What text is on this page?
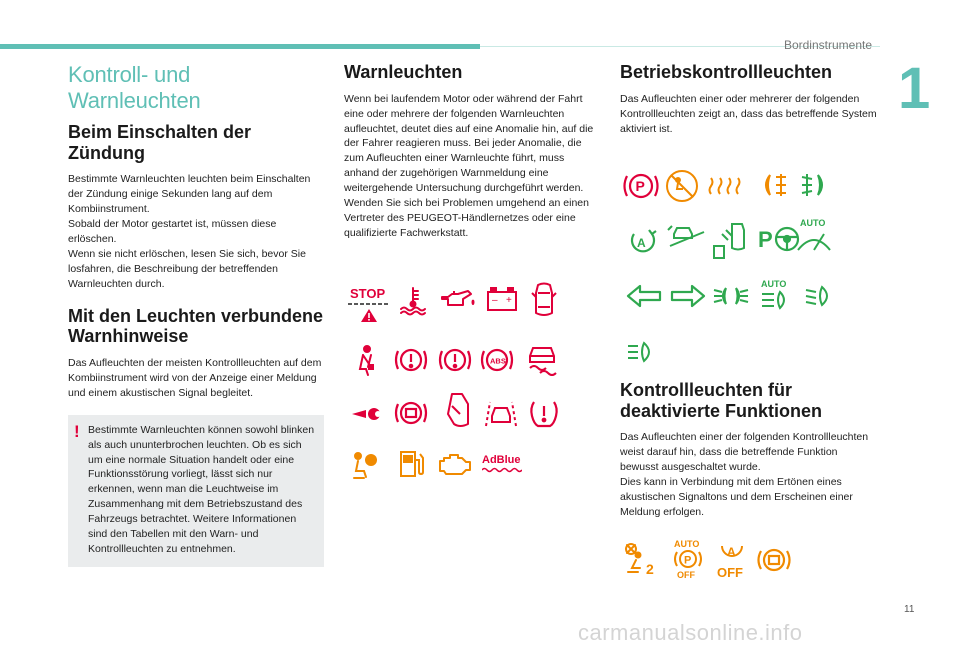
Bordinstrumente
1
11
carmanualsonline.info
Kontroll- und Warnleuchten
Beim Einschalten der Zündung

Bestimmte Warnleuchten leuchten beim Einschalten der Zündung einige Sekunden lang auf dem Kombiinstrument.
Sobald der Motor gestartet ist, müssen diese erlöschen.
Wenn sie nicht erlöschen, lesen Sie sich, bevor Sie losfahren, die Beschreibung der betreffenden Warnleuchten durch.

Mit den Leuchten verbundene Warnhinweise

Das Aufleuchten der meisten Kontrollleuchten auf dem Kombiinstrument wird von der Anzeige einer Meldung und einem akustischen Signal begleitet.

! Bestimmte Warnleuchten können sowohl blinken als auch ununterbrochen leuchten. Ob es sich um eine normale Situation handelt oder eine Funktionsstörung vorliegt, lässt sich nur erkennen, wenn man die Leuchtweise im Zusammenhang mit dem Betriebszustand des Fahrzeugs betrachtet. Weitere Informationen sind den Tabellen mit den Warn- und Kontrollleuchten zu entnehmen.

Warnleuchten

Wenn bei laufendem Motor oder während der Fahrt eine oder mehrere der folgenden Warnleuchten aufleuchtet, deutet dies auf eine Anomalie hin, auf die der Fahrer reagieren muss. Bei jeder Anomalie, die zum Aufleuchten einer Warnleuchte führt, muss anhand der zugehörigen Warnmeldung eine weitergehende Untersuchung durchgeführt werden.
Wenden Sie sich bei Problemen umgehend an einen Vertreter des PEUGEOT-Händlernetzes oder eine qualifizierte Fachwerkstatt.

Betriebskontrollleuchten

Das Aufleuchten einer oder mehrerer der folgenden Kontrollleuchten zeigt an, dass das betreffende System aktiviert ist.

Kontrollleuchten für deaktivierte Funktionen

Das Aufleuchten einer der folgenden Kontrollleuchten weist darauf hin, dass die betreffende Funktion bewusst ausgeschaltet wurde.
Dies kann in Verbindung mit dem Ertönen eines akustischen Signaltons und dem Erscheinen einer Meldung erfolgen.

STOP	– +
ABS
AdBlue
P
A	P
AUTO
AUTO
2
AUTO
P
OFF
A
OFF
